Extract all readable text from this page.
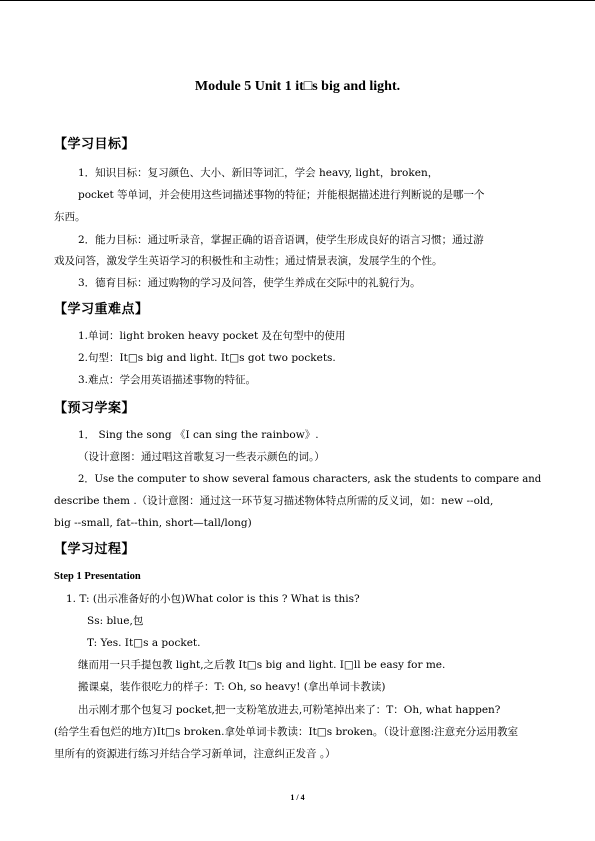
Module 5 Unit 1 it□s big and light.
【学习目标】
1．知识目标：复习颜色、大小、新旧等词汇，学会 heavy, light，broken，
pocket 等单词，并会使用这些词描述事物的特征；并能根据描述进行判断说的是哪一个
东西。
2．能力目标：通过听录音，掌握正确的语音语调，使学生形成良好的语言习惯；通过游
戏及问答，激发学生英语学习的积极性和主动性；通过情景表演，发展学生的个性。
3．德育目标：通过购物的学习及问答，使学生养成在交际中的礼貌行为。
【学习重难点】
1.单词：light broken heavy pocket 及在句型中的使用
2.句型：It□s big and light. It□s got two pockets.
3.难点：学会用英语描述事物的特征。
【预习学案】
1． Sing the song 《I can sing the rainbow》.
（设计意图：通过唱这首歌复习一些表示颜色的词。）
2．Use the computer to show several famous characters, ask the students to compare and
describe them .（设计意图：通过这一环节复习描述物体特点所需的反义词，如：new --old,
big --small, fat--thin, short—tall/long)
【学习过程】
Step 1 Presentation
1. T: (出示准备好的小包)What color is this ? What is this?
Ss: blue,包
T: Yes. It□s a pocket.
继而用一只手提包教 light,之后教 It□s big and light. I□ll be easy for me.
搬课桌，装作很吃力的样子：T: Oh, so heavy! (拿出单词卡教读)
出示刚才那个包复习 pocket,把一支粉笔放进去,可粉笔掉出来了：T：Oh, what happen?
(给学生看包烂的地方)It□s broken.拿处单词卡教读：It□s broken。（设计意图:注意充分运用教室
里所有的资源进行练习并结合学习新单词，注意纠正发音 。）
1 / 4
